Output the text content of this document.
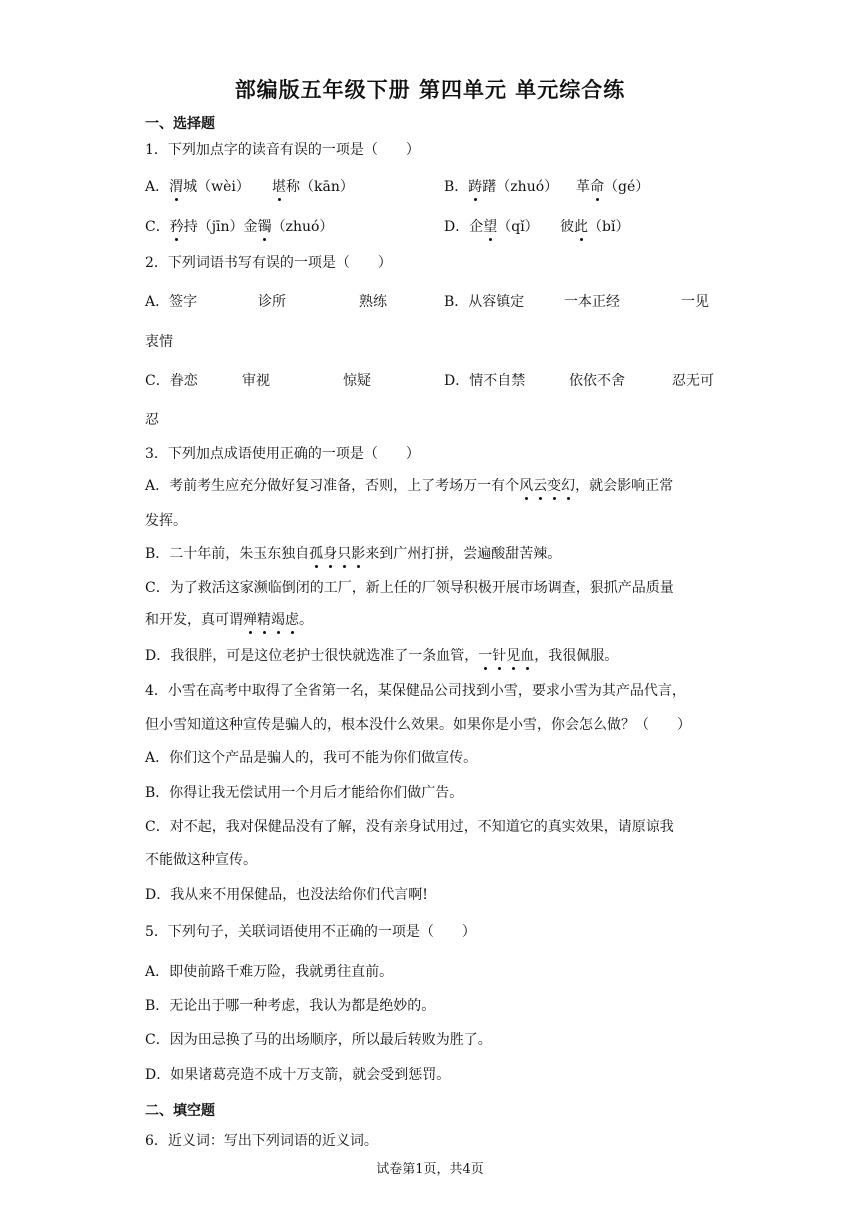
部编版五年级下册 第四单元 单元综合练
一、选择题
1．下列加点字的读音有误的一项是（　　）
A．渭城（wèi） 堪称（kān）	B．踌躇（zhuó） 革命（gé）
C．矜持（jīn）金镯（zhuó）	D．企望（qǐ） 彼此（bǐ）
2．下列词语书写有误的一项是（　　）
A．签字	诊所	熟练	B．从容镇定	一本正经	一见
衷情
C．眷恋	审视	惊疑	D．情不自禁	依依不舍	忍无可
忍
3．下列加点成语使用正确的一项是（　　）
A．考前考生应充分做好复习准备，否则，上了考场万一有个风云变幻，就会影响正常
发挥。
B．二十年前，朱玉东独自孤身只影来到广州打拼，尝遍酸甜苦辣。
C．为了救活这家濒临倒闭的工厂，新上任的厂领导积极开展市场调查，狠抓产品质量
和开发，真可谓殚精竭虑。
D．我很胖，可是这位老护士很快就选准了一条血管，一针见血，我很佩服。
4．小雪在高考中取得了全省第一名，某保健品公司找到小雪，要求小雪为其产品代言，
但小雪知道这种宣传是骗人的，根本没什么效果。如果你是小雪，你会怎么做？（　　）
A．你们这个产品是骗人的，我可不能为你们做宣传。
B．你得让我无偿试用一个月后才能给你们做广告。
C．对不起，我对保健品没有了解，没有亲身试用过，不知道它的真实效果，请原谅我
不能做这种宣传。
D．我从来不用保健品，也没法给你们代言啊!
5．下列句子，关联词语使用不正确的一项是（　　）
A．即使前路千难万险，我就勇往直前。
B．无论出于哪一种考虑，我认为都是绝妙的。
C．因为田忌换了马的出场顺序，所以最后转败为胜了。
D．如果诸葛亮造不成十万支箭，就会受到惩罚。
二、填空题
6．近义词：写出下列词语的近义词。
试卷第1页，共4页
